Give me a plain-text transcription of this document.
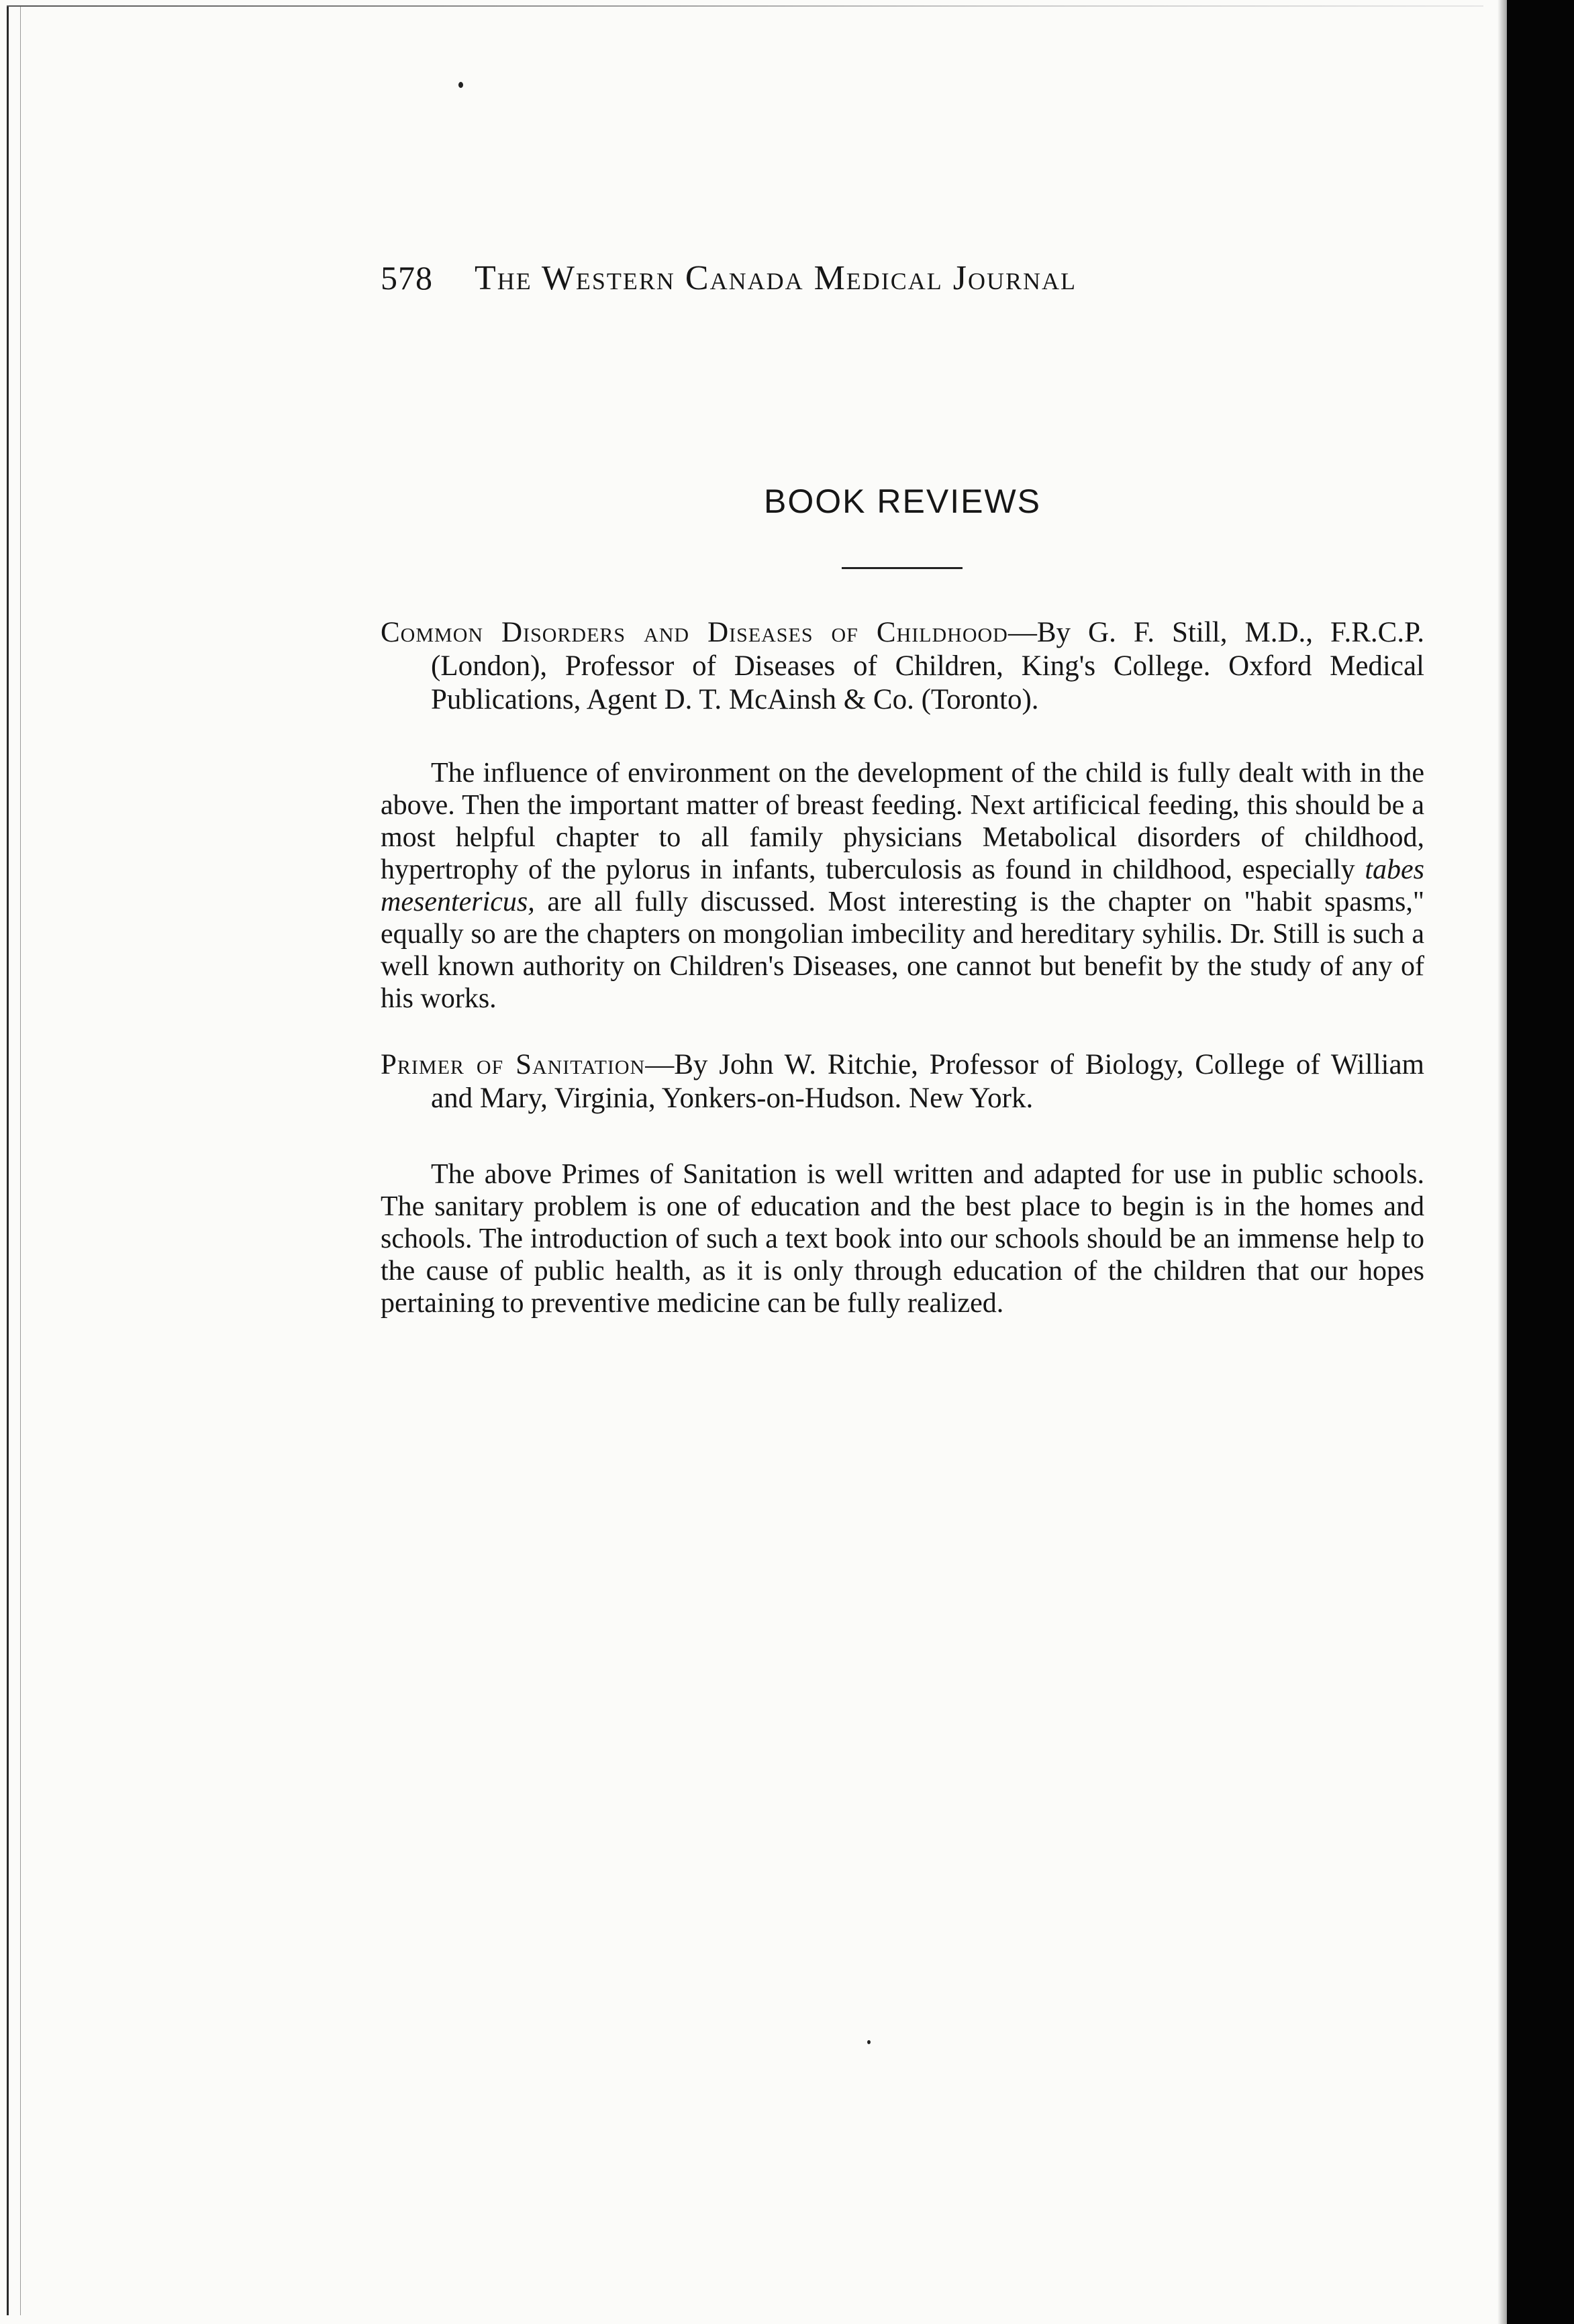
578	The Western Canada Medical Journal
BOOK REVIEWS
Common Disorders and Diseases of Childhood—By G. F. Still, M.D., F.R.C.P. (London), Professor of Diseases of Children, King's College. Oxford Medical Publications, Agent D. T. McAinsh & Co. (Toronto).
The influence of environment on the development of the child is fully dealt with in the above. Then the important matter of breast feeding. Next artificical feeding, this should be a most helpful chapter to all family physicians Metabolical disorders of childhood, hypertrophy of the pylorus in infants, tuberculosis as found in childhood, especially tabes mesentericus, are all fully discussed. Most interesting is the chapter on "habit spasms," equally so are the chapters on mongolian imbecility and hereditary syhilis. Dr. Still is such a well known authority on Children's Diseases, one cannot but benefit by the study of any of his works.
Primer of Sanitation—By John W. Ritchie, Professor of Biology, College of William and Mary, Virginia, Yonkers-on-Hudson. New York.
The above Primes of Sanitation is well written and adapted for use in public schools. The sanitary problem is one of education and the best place to begin is in the homes and schools. The introduction of such a text book into our schools should be an immense help to the cause of public health, as it is only through education of the children that our hopes pertaining to preventive medicine can be fully realized.
